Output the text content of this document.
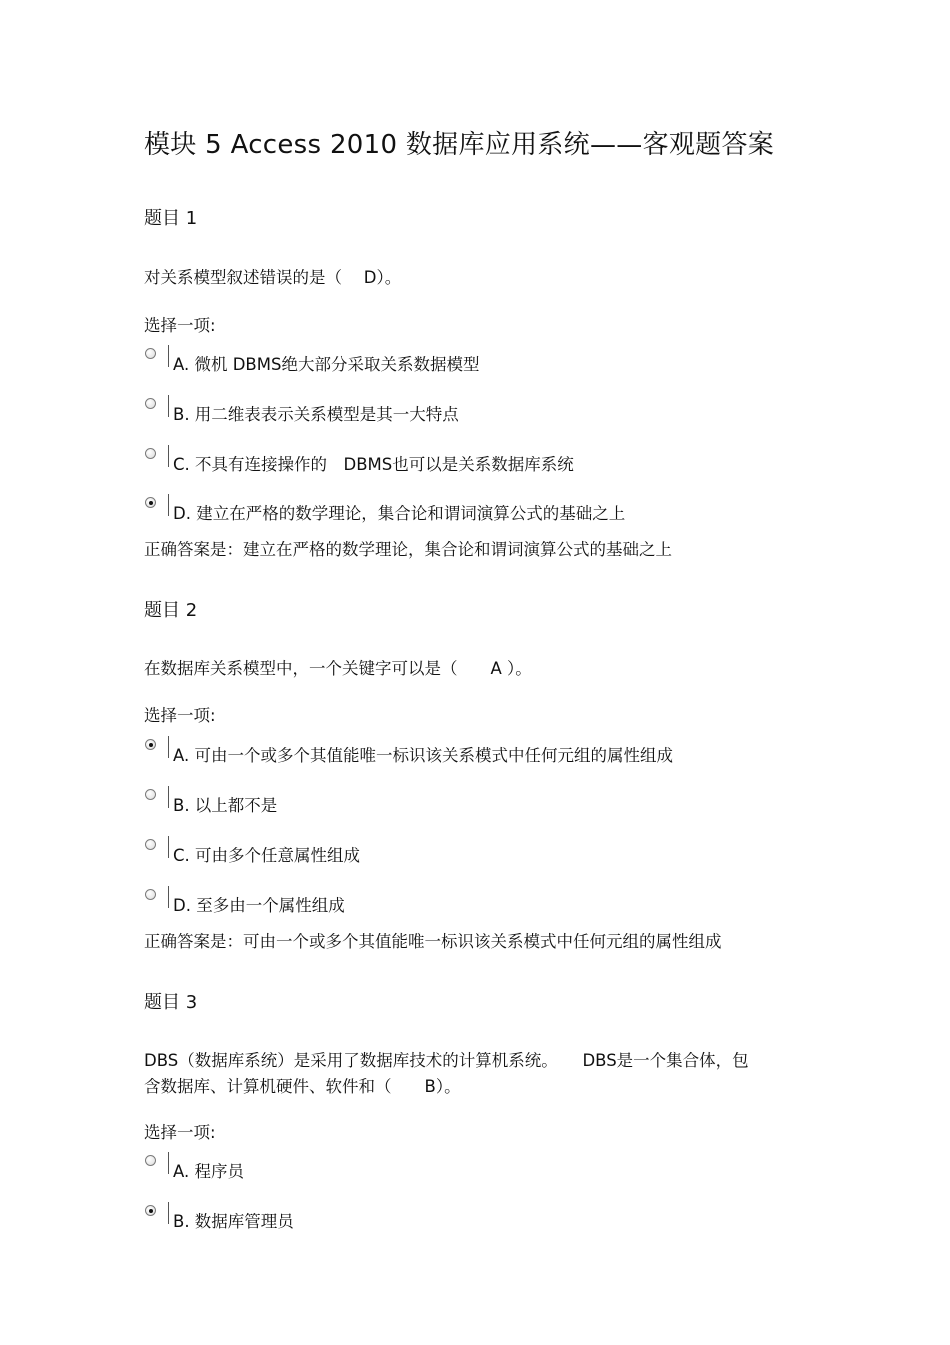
模块 5 Access 2010 数据库应用系统——客观题答案
题目 1
对关系模型叙述错误的是（　 D）。
选择一项:
A. 微机 DBMS绝大部分采取关系数据模型
B. 用二维表表示关系模型是其一大特点
C. 不具有连接操作的　DBMS也可以是关系数据库系统
D. 建立在严格的数学理论，集合论和谓词演算公式的基础之上
正确答案是：建立在严格的数学理论，集合论和谓词演算公式的基础之上
题目 2
在数据库关系模型中，一个关键字可以是（　　A ）。
选择一项:
A. 可由一个或多个其值能唯一标识该关系模式中任何元组的属性组成
B. 以上都不是
C. 可由多个任意属性组成
D. 至多由一个属性组成
正确答案是：可由一个或多个其值能唯一标识该关系模式中任何元组的属性组成
题目 3
DBS（数据库系统）是采用了数据库技术的计算机系统。　　DBS是一个集合体，包
含数据库、计算机硬件、软件和（　　B）。
选择一项:
A. 程序员
B. 数据库管理员
